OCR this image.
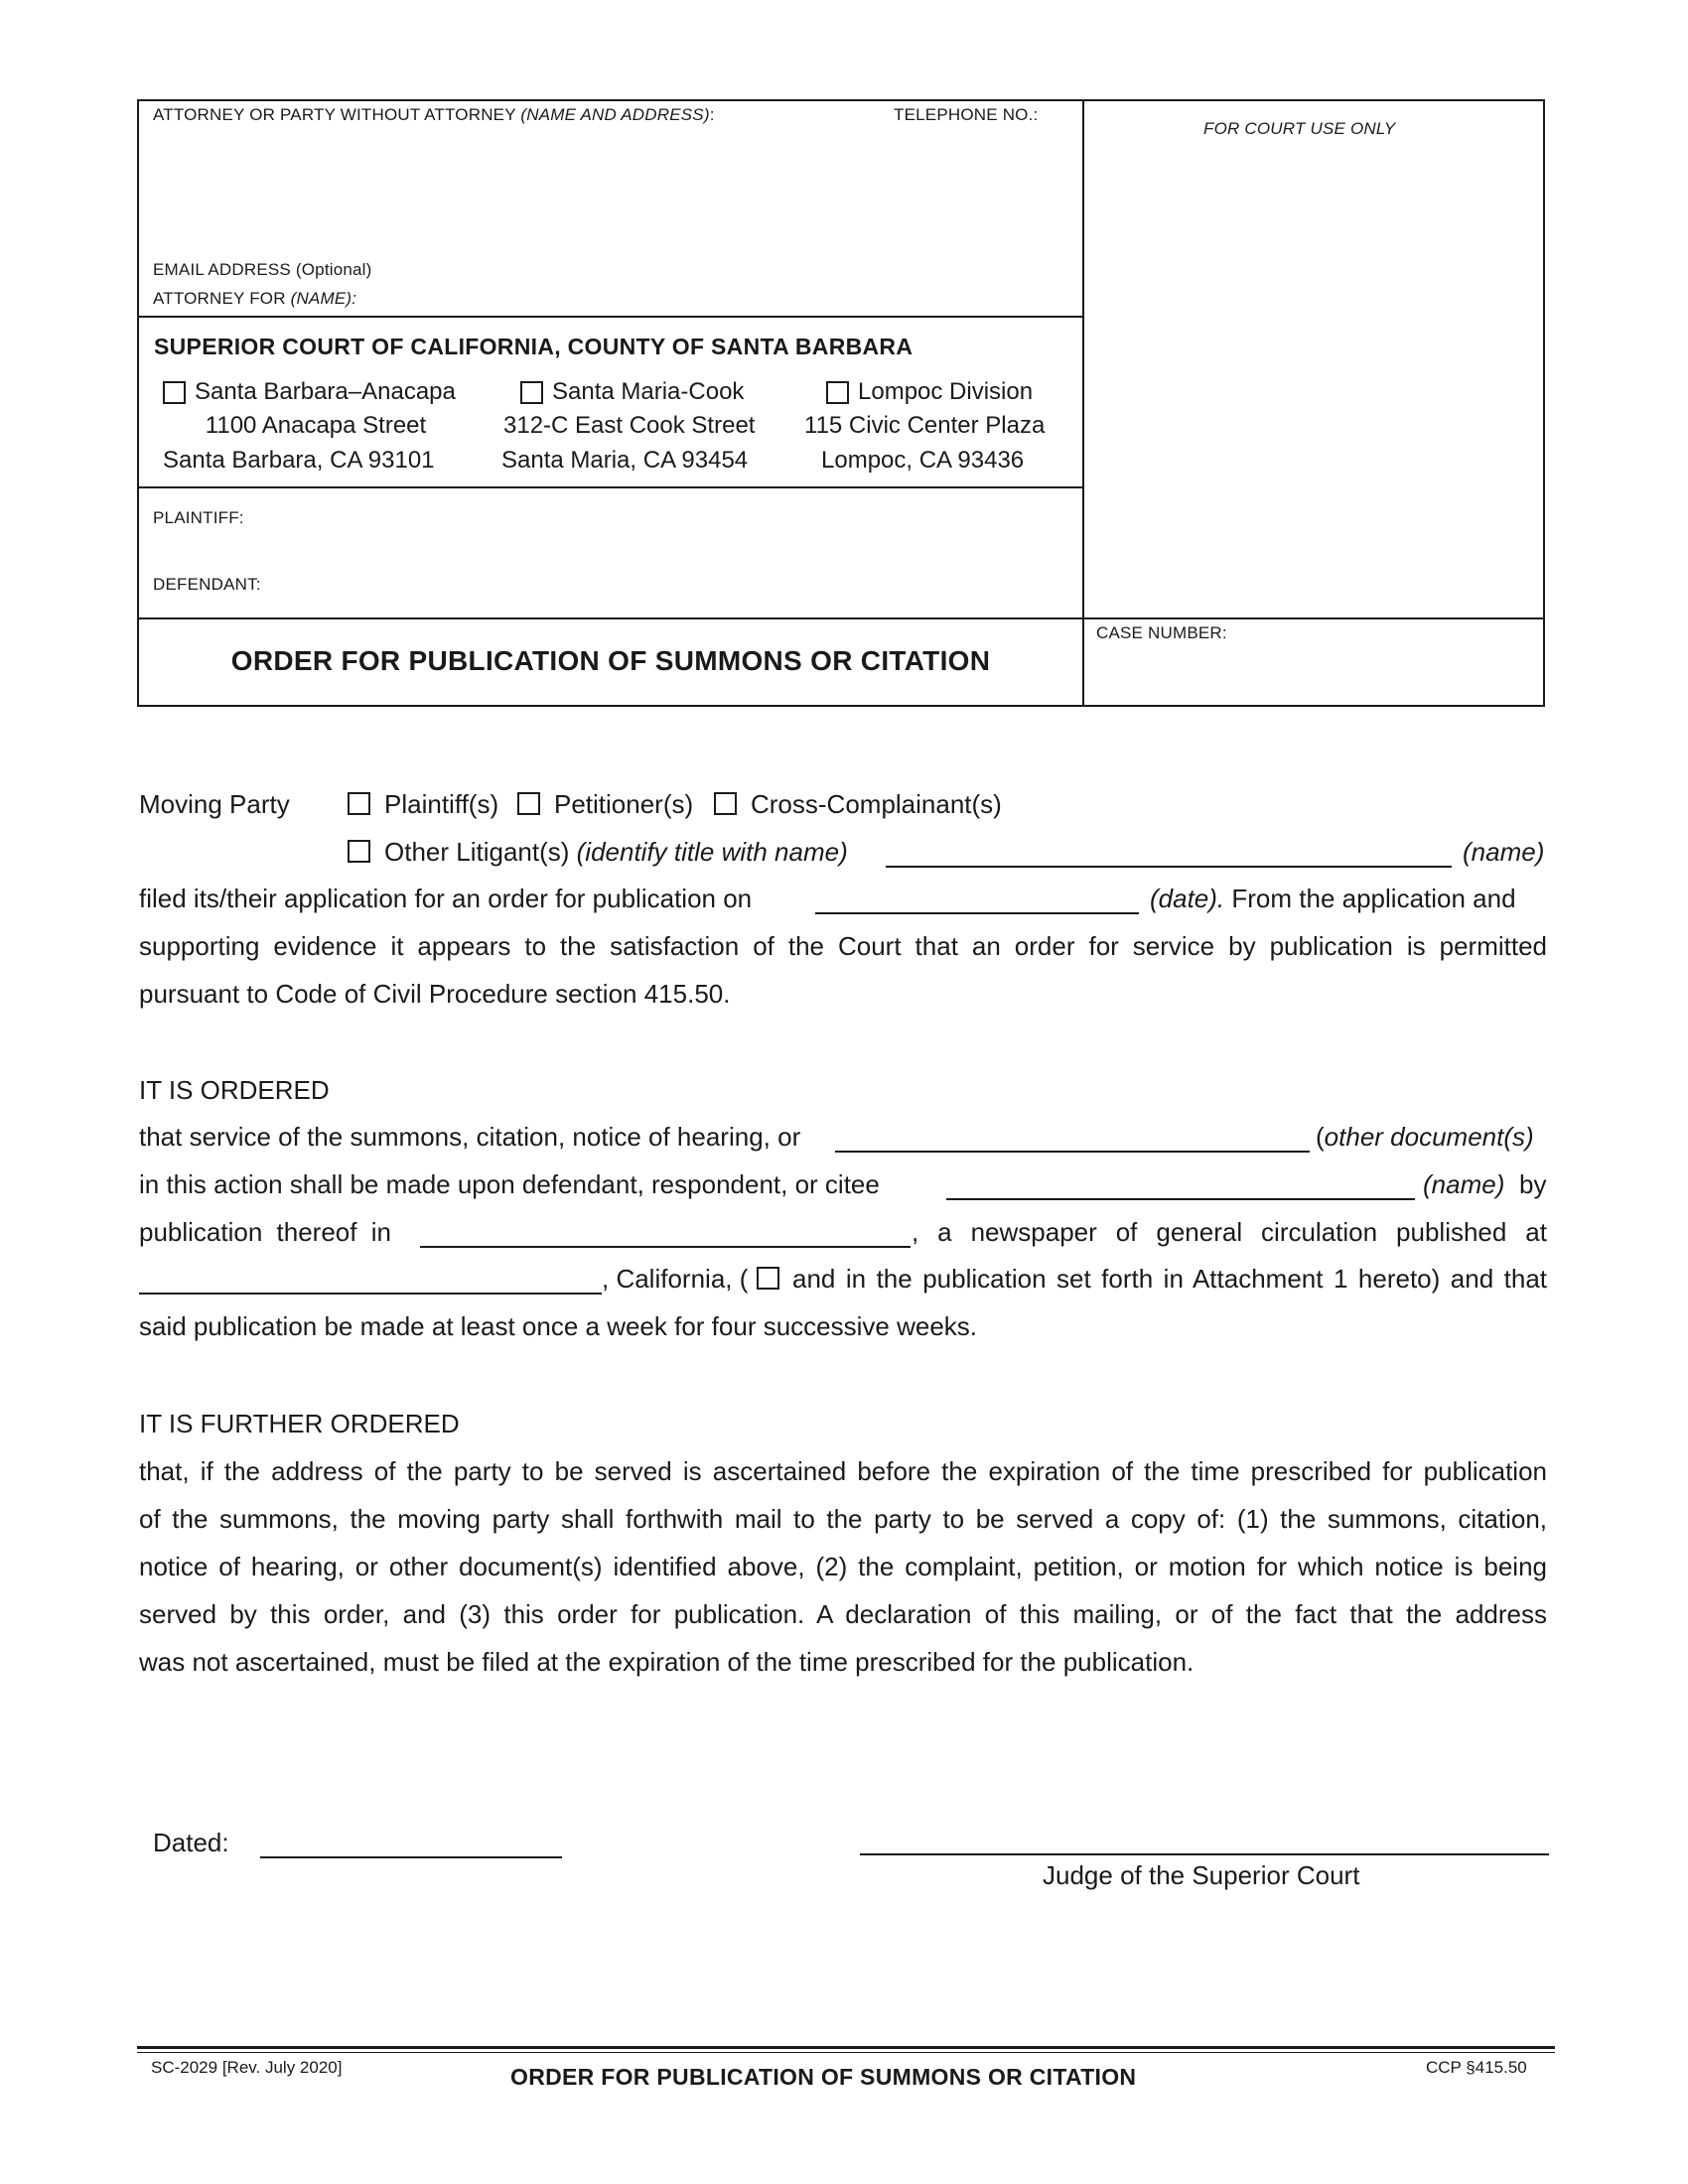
ATTORNEY OR PARTY WITHOUT ATTORNEY (NAME AND ADDRESS):	TELEPHONE NO.:
EMAIL ADDRESS (Optional)
ATTORNEY FOR (NAME):
FOR COURT USE ONLY
SUPERIOR COURT OF CALIFORNIA, COUNTY OF SANTA BARBARA
Santa Barbara–Anacapa
1100 Anacapa Street
Santa Barbara, CA 93101
Santa Maria-Cook
312-C East Cook Street
Santa Maria, CA 93454
Lompoc Division
115 Civic Center Plaza
Lompoc, CA 93436
PLAINTIFF:
DEFENDANT:
ORDER FOR PUBLICATION OF SUMMONS OR CITATION
CASE NUMBER:
Moving Party	Plaintiff(s) Petitioner(s) Cross-Complainant(s)
Other Litigant(s) (identify title with name)	(name)
filed its/their application for an order for publication on	(date). From the application and
supporting evidence it appears to the satisfaction of the Court that an order for service by publication is permitted
pursuant to Code of Civil Procedure section 415.50.
IT IS ORDERED
that service of the summons, citation, notice of hearing, or	(other document(s)
in this action shall be made upon defendant, respondent, or citee	(name) by
publication thereof in	, a newspaper of general circulation published at
, California, ( and in the publication set forth in Attachment 1 hereto) and that
said publication be made at least once a week for four successive weeks.
IT IS FURTHER ORDERED
that, if the address of the party to be served is ascertained before the expiration of the time prescribed for publication
of the summons, the moving party shall forthwith mail to the party to be served a copy of: (1) the summons, citation,
notice of hearing, or other document(s) identified above, (2) the complaint, petition, or motion for which notice is being
served by this order, and (3) this order for publication. A declaration of this mailing, or of the fact that the address
was not ascertained, must be filed at the expiration of the time prescribed for the publication.
Dated:
Judge of the Superior Court
SC-2029 [Rev. July 2020]	ORDER FOR PUBLICATION OF SUMMONS OR CITATION	CCP §415.50
